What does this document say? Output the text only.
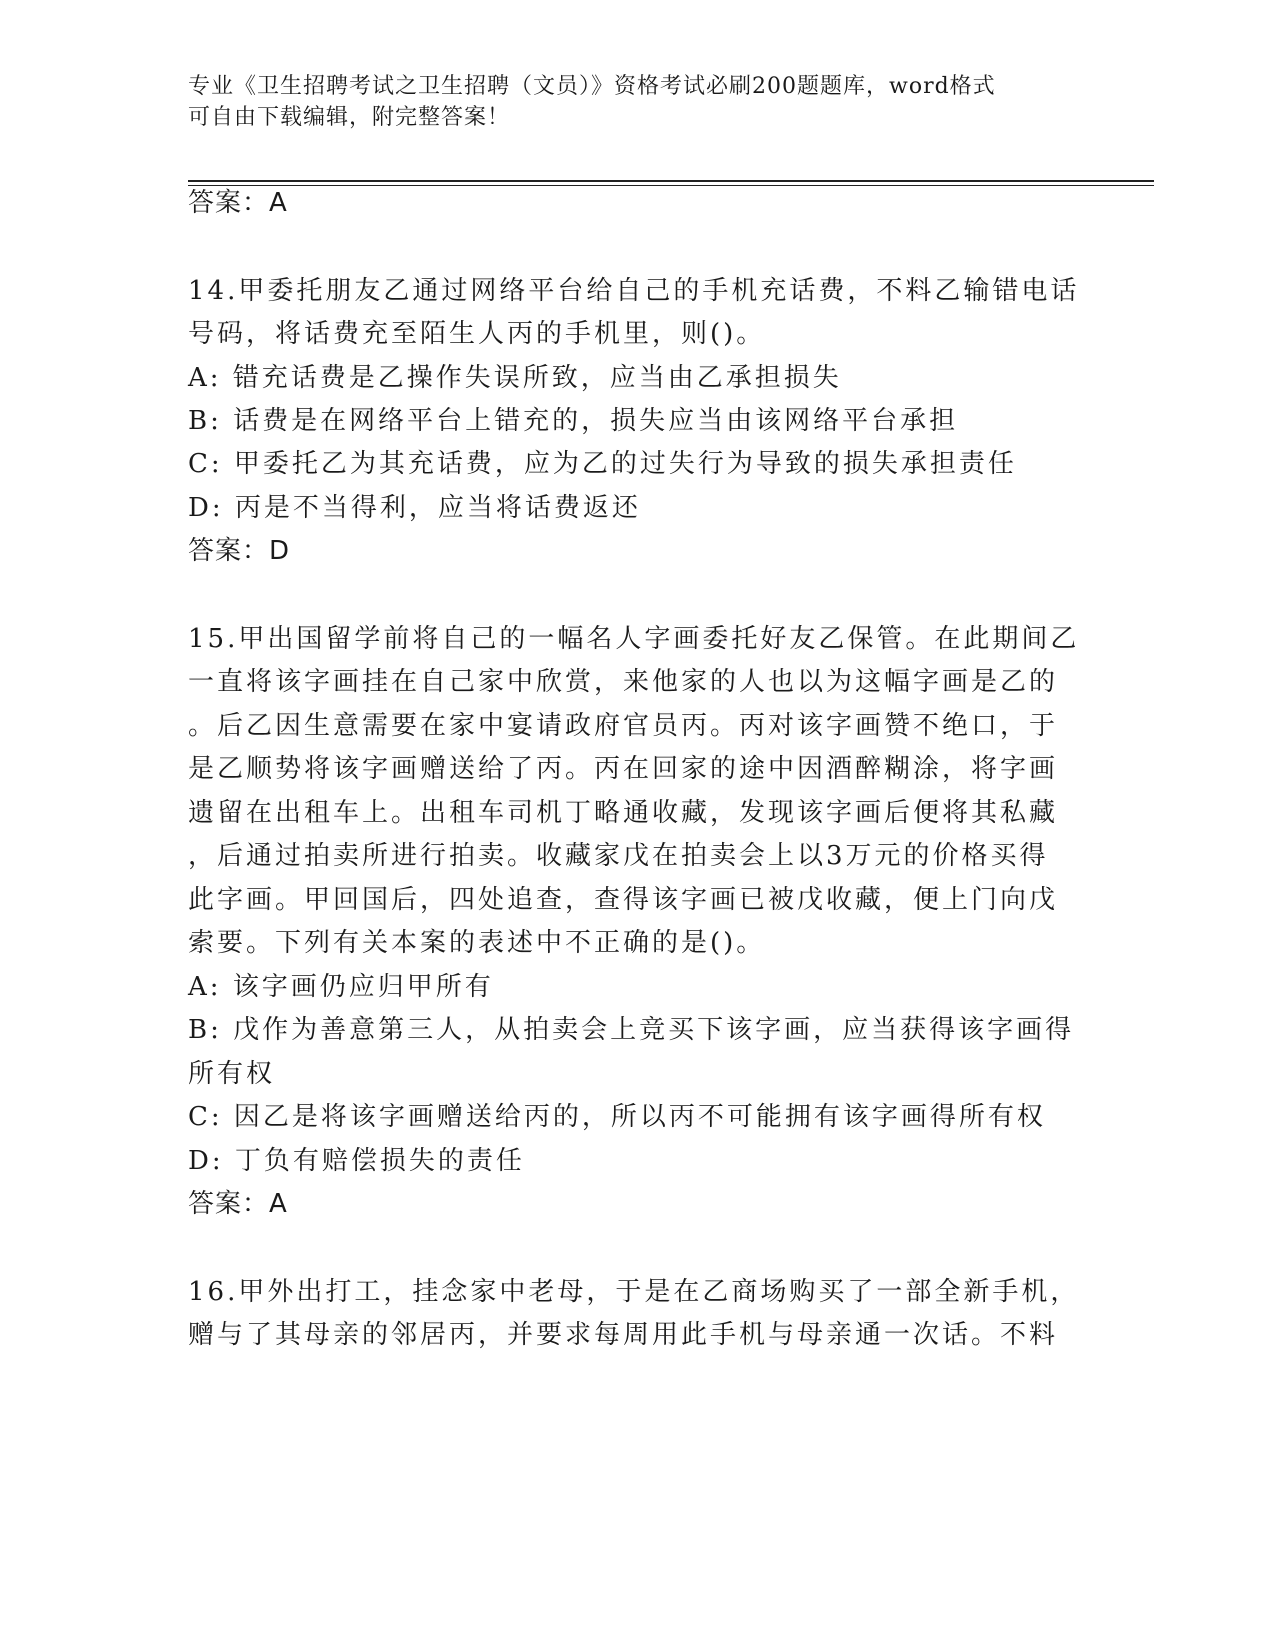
专业《卫生招聘考试之卫生招聘（文员）》资格考试必刷200题题库，word格式
可自由下载编辑，附完整答案！
答案：A
14.甲委托朋友乙通过网络平台给自己的手机充话费，不料乙输错电话
号码，将话费充至陌生人丙的手机里，则()。
A: 错充话费是乙操作失误所致，应当由乙承担损失
B: 话费是在网络平台上错充的，损失应当由该网络平台承担
C: 甲委托乙为其充话费，应为乙的过失行为导致的损失承担责任
D: 丙是不当得利，应当将话费返还
答案：D
15.甲出国留学前将自己的一幅名人字画委托好友乙保管。在此期间乙
一直将该字画挂在自己家中欣赏，来他家的人也以为这幅字画是乙的
。后乙因生意需要在家中宴请政府官员丙。丙对该字画赞不绝口，于
是乙顺势将该字画赠送给了丙。丙在回家的途中因酒醉糊涂，将字画
遗留在出租车上。出租车司机丁略通收藏，发现该字画后便将其私藏
，后通过拍卖所进行拍卖。收藏家戊在拍卖会上以3万元的价格买得
此字画。甲回国后，四处追查，查得该字画已被戊收藏，便上门向戊
索要。下列有关本案的表述中不正确的是()。
A: 该字画仍应归甲所有
B: 戊作为善意第三人，从拍卖会上竞买下该字画，应当获得该字画得
所有权
C: 因乙是将该字画赠送给丙的，所以丙不可能拥有该字画得所有权
D: 丁负有赔偿损失的责任
答案：A
16.甲外出打工，挂念家中老母，于是在乙商场购买了一部全新手机，
赠与了其母亲的邻居丙，并要求每周用此手机与母亲通一次话。不料
